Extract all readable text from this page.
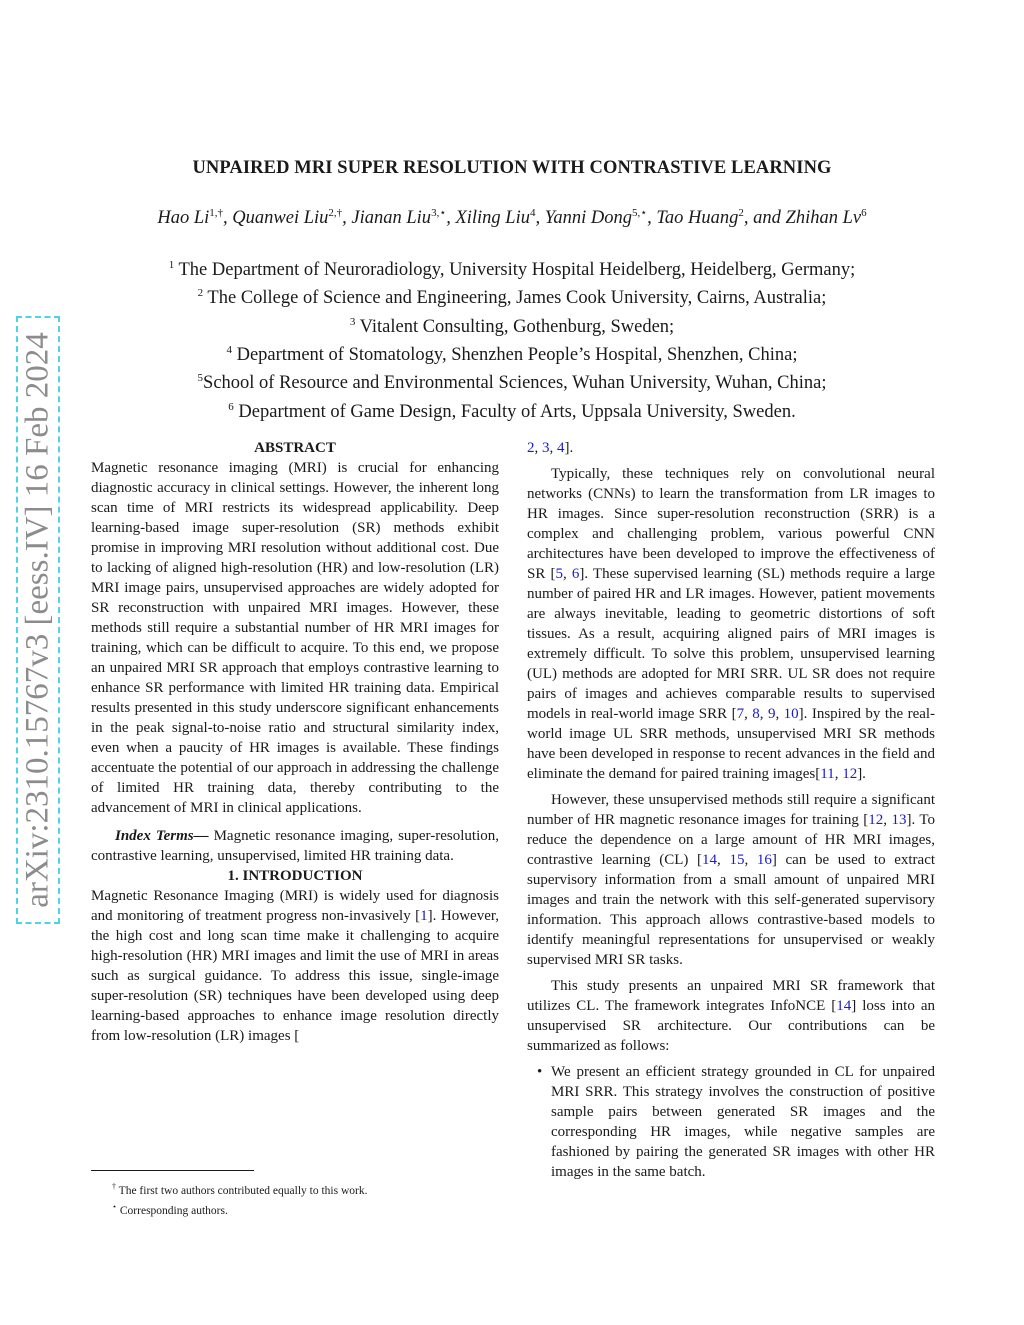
arXiv:2310.15767v3 [eess.IV] 16 Feb 2024
UNPAIRED MRI SUPER RESOLUTION WITH CONTRASTIVE LEARNING
Hao $Li^{1,\dagger}$, Quanwei Liu$^{2,\dagger}$, Jianan Liu$^{3,⋆}$, Xiling Liu$^4$, Yanni Dong$^{5,⋆}$, Tao Huang$^2$, and Zhihan Lv$^6$
$^1$ The Department of Neuroradiology, University Hospital Heidelberg, Heidelberg, Germany;
$^2$ The College of Science and Engineering, James Cook University, Cairns, Australia;
$^3$ Vitalent Consulting, Gothenburg, Sweden;
$^4$ Department of Stomatology, Shenzhen People’s Hospital, Shenzhen, China;
$^5$School of Resource and Environmental Sciences, Wuhan University, Wuhan, China;
$^6$ Department of Game Design, Faculty of Arts, Uppsala University, Sweden.

ABSTRACT

Magnetic resonance imaging (MRI) is crucial for enhancing diagnostic accuracy in clinical settings. However, the inherent long scan time of MRI restricts its widespread applicability. Deep learning-based image super-resolution (SR) methods exhibit promise in improving MRI resolution without additional cost. Due to lacking of aligned high-resolution (HR) and low-resolution (LR) MRI image pairs, unsupervised approaches are widely adopted for SR reconstruction with unpaired MRI images. However, these methods still require a substantial number of HR MRI images for training, which can be difficult to acquire. To this end, we propose an unpaired MRI SR approach that employs contrastive learning to enhance SR performance with limited HR training data. Empirical results presented in this study underscore significant enhancements in the peak signal-to-noise ratio and structural similarity index, even when a paucity of HR images is available. These findings accentuate the potential of our approach in addressing the challenge of limited HR training data, thereby contributing to the advancement of MRI in clinical applications.

Index Terms— Magnetic resonance imaging, super-resolution, contrastive learning, unsupervised, limited HR training data.

1. INTRODUCTION

Magnetic Resonance Imaging (MRI) is widely used for diagnosis and monitoring of treatment progress non-invasively [1]. However, the high cost and long scan time make it challenging to acquire high-resolution (HR) MRI images and limit the use of MRI in areas such as surgical guidance. To address this issue, single-image super-resolution (SR) techniques have been developed using deep learning-based approaches to enhance image resolution directly from low-resolution (LR) images [

2, 3, 4].

Typically, these techniques rely on convolutional neural networks (CNNs) to learn the transformation from LR images to HR images. Since super-resolution reconstruction (SRR) is a complex and challenging problem, various powerful CNN architectures have been developed to improve the effectiveness of SR [5, 6]. These supervised learning (SL) methods require a large number of paired HR and LR images. However, patient movements are always inevitable, leading to geometric distortions of soft tissues. As a result, acquiring aligned pairs of MRI images is extremely difficult. To solve this problem, unsupervised learning (UL) methods are adopted for MRI SRR. UL SR does not require pairs of images and achieves comparable results to supervised models in real-world image SRR [7, 8, 9, 10]. Inspired by the real-world image UL SRR methods, unsupervised MRI SR methods have been developed in response to recent advances in the field and eliminate the demand for paired training images[11, 12].

However, these unsupervised methods still require a significant number of HR magnetic resonance images for training [12, 13]. To reduce the dependence on a large amount of HR MRI images, contrastive learning (CL) [14, 15, 16] can be used to extract supervisory information from a small amount of unpaired MRI images and train the network with this self-generated supervisory information. This approach allows contrastive-based models to identify meaningful representations for unsupervised or weakly supervised MRI SR tasks.

This study presents an unpaired MRI SR framework that utilizes CL. The framework integrates InfoNCE [14] loss into an unsupervised SR architecture. Our contributions can be summarized as follows:

• We present an efficient strategy grounded in CL for unpaired MRI SRR. This strategy involves the construction of positive sample pairs between generated SR images and the corresponding HR images, while negative samples are fashioned by pairing the generated SR images with other HR images in the same batch.
† The first two authors contributed equally to this work.
⋆ Corresponding authors.
